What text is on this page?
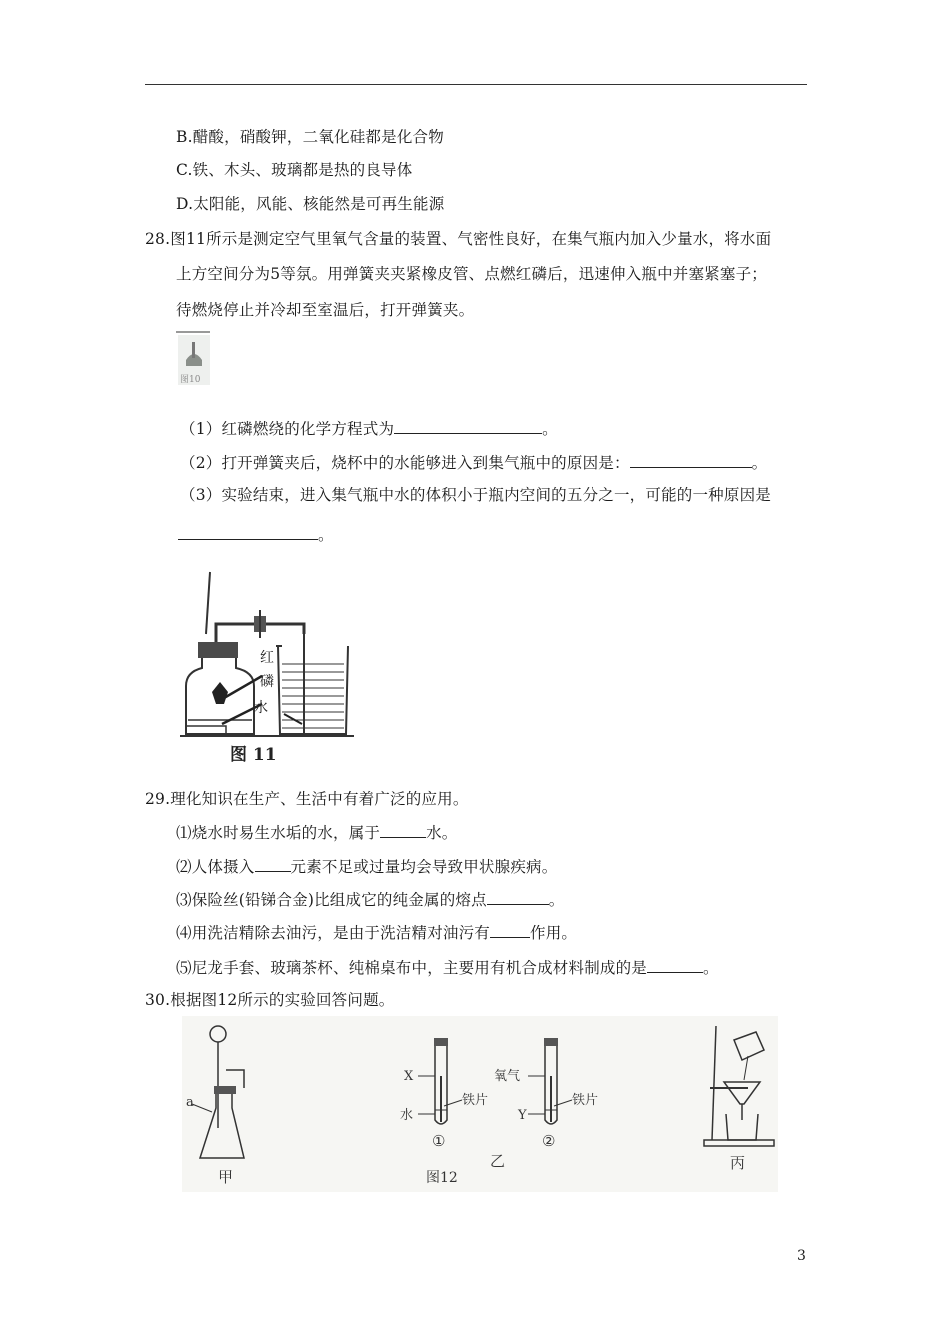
B.醋酸，硝酸钾，二氧化硅都是化合物
C.铁、木头、玻璃都是热的良导体
D.太阳能，风能、核能然是可再生能源
28.图11所示是测定空气里氧气含量的装置、气密性良好，在集气瓶内加入少量水，将水面
上方空间分为5等氛。用弹簧夹夹紧橡皮管、点燃红磷后，迅速伸入瓶中并塞紧塞子；
待燃烧停止并冷却至室温后，打开弹簧夹。
图10
（1）红磷燃绕的化学方程式为	。
（2）打开弹簧夹后，烧杯中的水能够进入到集气瓶中的原因是：	。
（3）实验结束，进入集气瓶中水的体积小于瓶内空间的五分之一，可能的一种原因是
。
红
磷
水
图 11
29.理化知识在生产、生活中有着广泛的应用。
⑴烧水时易生水垢的水，属于	水。
⑵人体摄入 元素不足或过量均会导致甲状腺疾病。
⑶保险丝(铅锑合金)比组成它的纯金属的熔点	。
⑷用洗洁精除去油污，是由于洗洁精对油污有	作用。
⑸尼龙手套、玻璃茶杯、纯棉桌布中，主要用有机合成材料制成的是	。
30.根据图12所示的实验回答问题。
a
甲
X
水
铁片
①
氧气
Y
铁片
②
乙
图12
丙
3
